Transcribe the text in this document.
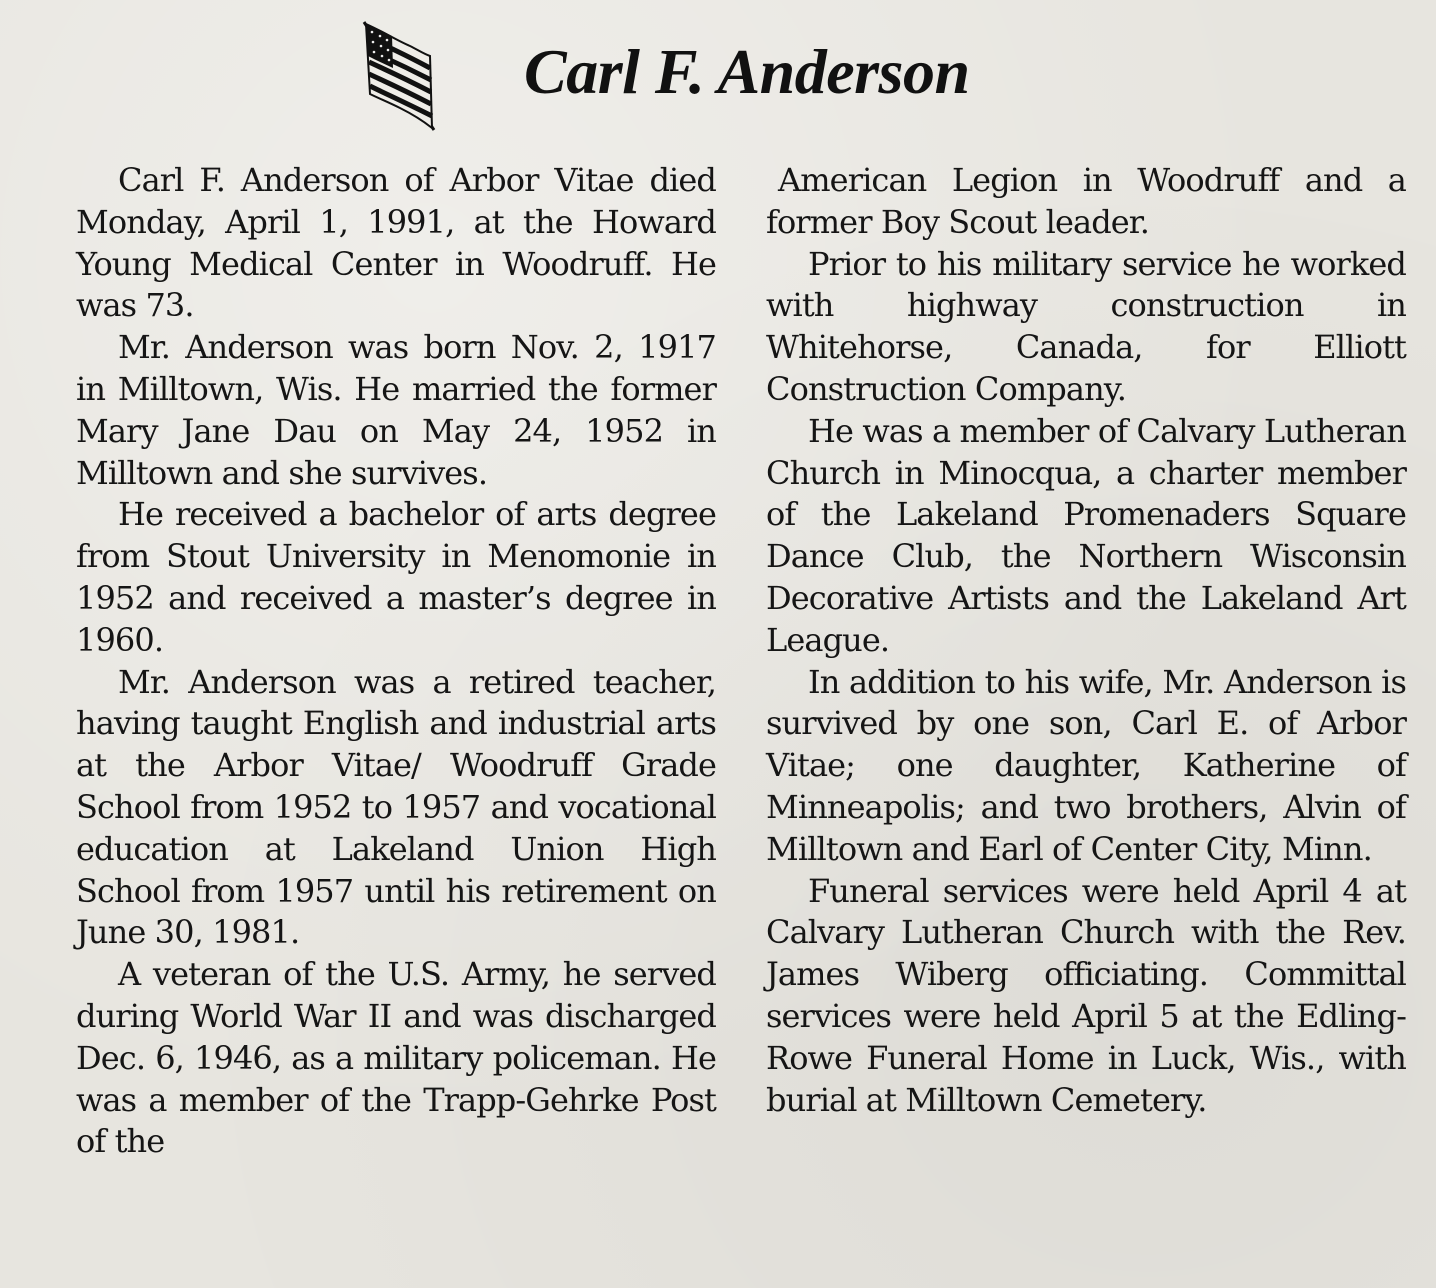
Carl F. Anderson

Carl F. Anderson of Arbor Vitae died Monday, April 1, 1991, at the Howard Young Medical Center in Woodruff. He was 73.

Mr. Anderson was born Nov. 2, 1917 in Milltown, Wis. He married the former Mary Jane Dau on May 24, 1952 in Milltown and she survives.

He received a bachelor of arts degree from Stout University in Menomonie in 1952 and received a master’s degree in 1960.

Mr. Anderson was a retired teacher, having taught English and industrial arts at the Arbor Vitae/ Woodruff Grade School from 1952 to 1957 and vocational education at Lakeland Union High School from 1957 until his retirement on June 30, 1981.

A veteran of the U.S. Army, he served during World War II and was discharged Dec. 6, 1946, as a military policeman. He was a member of the Trapp-Gehrke Post of the

American Legion in Woodruff and a former Boy Scout leader.

Prior to his military service he worked with highway construction in Whitehorse, Canada, for Elliott Construction Company.

He was a member of Calvary Lutheran Church in Minocqua, a charter member of the Lakeland Promenaders Square Dance Club, the Northern Wisconsin Decorative Artists and the Lakeland Art League.

In addition to his wife, Mr. Anderson is survived by one son, Carl E. of Arbor Vitae; one daughter, Katherine of Minneapolis; and two brothers, Alvin of Milltown and Earl of Center City, Minn.

Funeral services were held April 4 at Calvary Lutheran Church with the Rev. James Wiberg officiating. Committal services were held April 5 at the Edling-Rowe Funeral Home in Luck, Wis., with burial at Milltown Cemetery.
